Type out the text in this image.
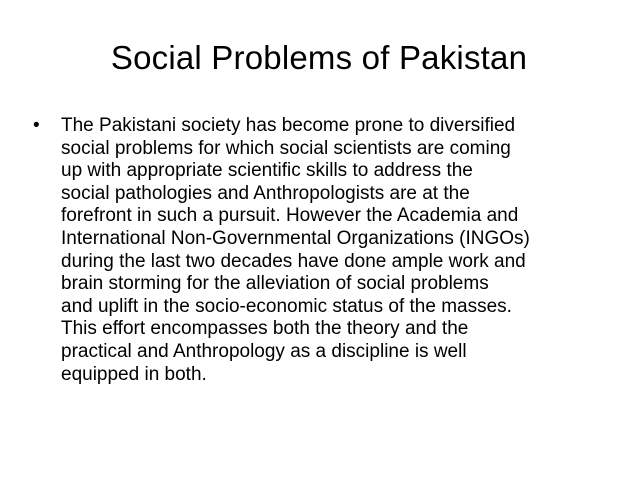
Social Problems of Pakistan
•	The Pakistani society has become prone to diversified
social problems for which social scientists are coming
up with appropriate scientific skills to address the
social pathologies and Anthropologists are at the
forefront in such a pursuit. However the Academia and
International Non-Governmental Organizations (INGOs)
during the last two decades have done ample work and
brain storming for the alleviation of social problems
and uplift in the socio-economic status of the masses.
This effort encompasses both the theory and the
practical and Anthropology as a discipline is well
equipped in both.
